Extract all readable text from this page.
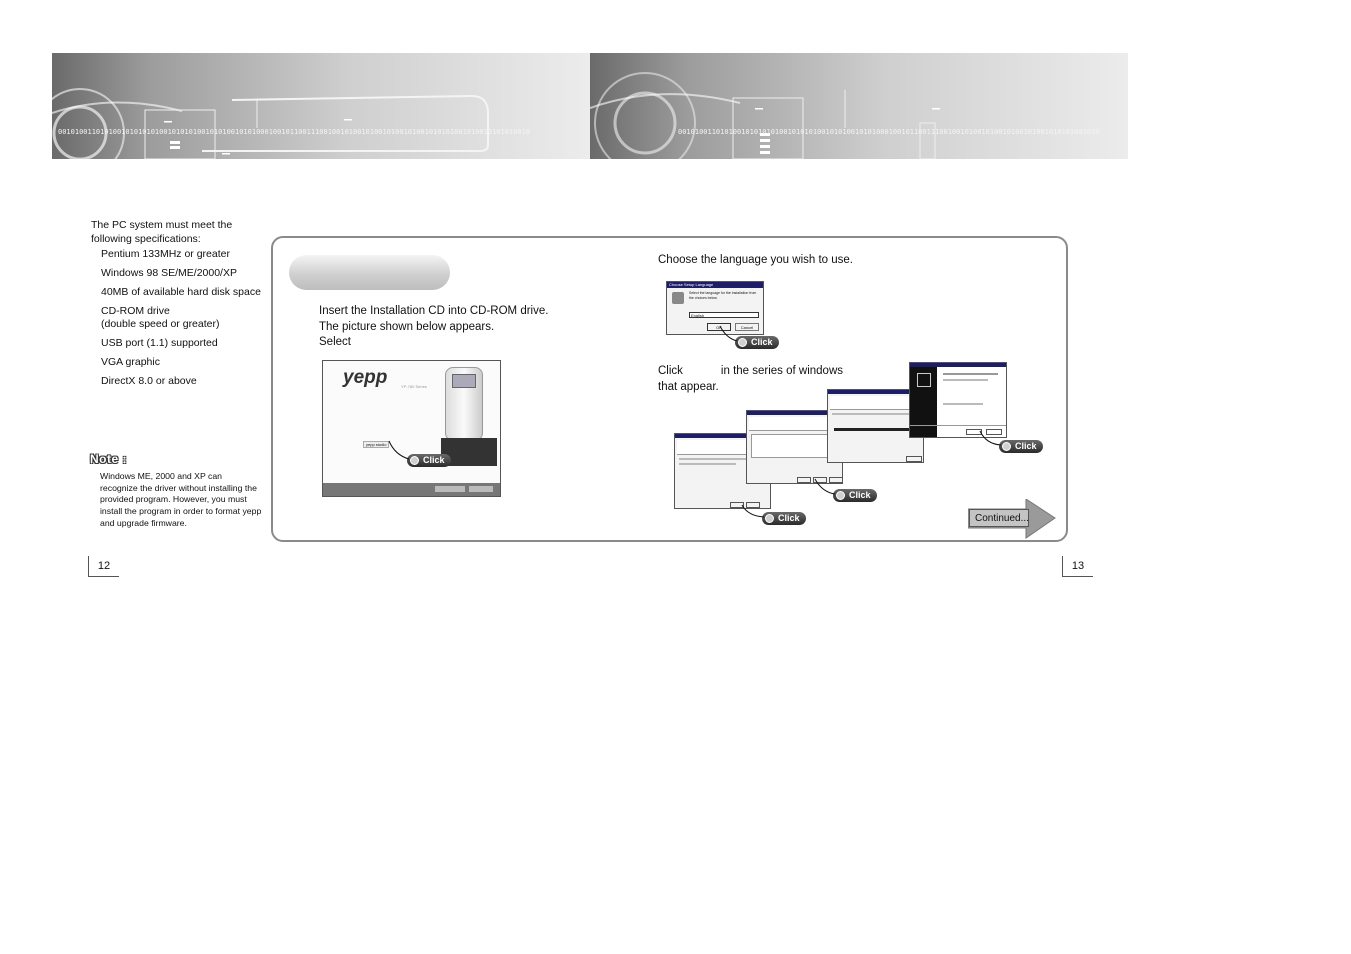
0010100110101001010101010010101010010101001010100010010110011100100101001010010100101001010101001010010101010010	0010100110101001010101010010101010010101001010100010010110011100100101001010010100101001010101001010
The PC system must meet the following specifications:
Pentium 133MHz or greater
Windows 98 SE/ME/2000/XP
40MB of available hard disk space
CD-ROM drive
(double speed or greater)
USB port (1.1) supported
VGA graphic
DirectX 8.0 or above
Note :
Windows ME, 2000 and XP can recognize the driver without installing the provided program. However, you must install the program in order to format yepp and upgrade firmware.
Insert the Installation CD into CD-ROM drive.
The picture shown below appears.
Select
yepp	YP-780 Series
yepp studio
Click
Choose the language you wish to use.
Choose Setup Language
Select the language for the installation from the choices below.
English
OK	Cancel
Click
Click	in the series of windows
that appear.
Click
Click
Click	Continued...
12	13
